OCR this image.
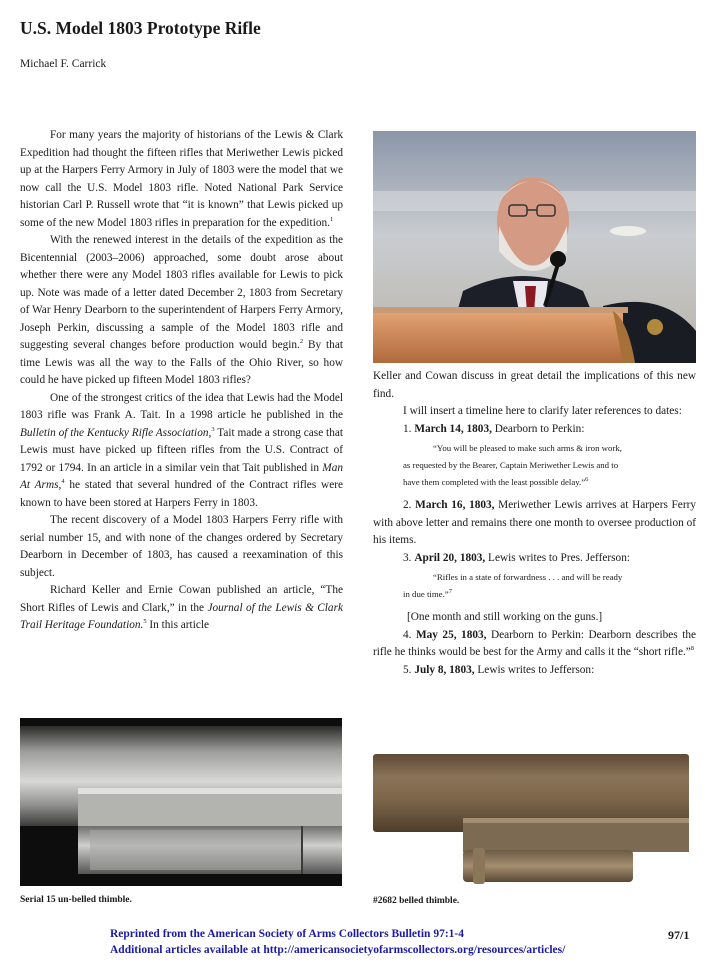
U.S. Model 1803 Prototype Rifle
Michael F. Carrick

For many years the majority of historians of the Lewis & Clark Expedition had thought the fifteen rifles that Meriwether Lewis picked up at the Harpers Ferry Armory in July of 1803 were the model that we now call the U.S. Model 1803 rifle. Noted National Park Service historian Carl P. Russell wrote that “it is known” that Lewis picked up some of the new Model 1803 rifles in preparation for the expedition.$^1$

With the renewed interest in the details of the expedition as the Bicentennial (2003–2006) approached, some doubt arose about whether there were any Model 1803 rifles available for Lewis to pick up. Note was made of a letter dated December 2, 1803 from Secretary of War Henry Dearborn to the superintendent of Harpers Ferry Armory, Joseph Perkin, discussing a sample of the Model 1803 rifle and suggesting several changes before production would begin.$^2$ By that time Lewis was all the way to the Falls of the Ohio River, so how could he have picked up fifteen Model 1803 rifles?

One of the strongest critics of the idea that Lewis had the Model 1803 rifle was Frank A. Tait. In a 1998 article he published in the Bulletin of the Kentucky Rifle Association,$^3$ Tait made a strong case that Lewis must have picked up fifteen rifles from the U.S. Contract of 1792 or 1794. In an article in a similar vein that Tait published in Man At Arms,$^4$ he stated that several hundred of the Contract rifles were known to have been stored at Harpers Ferry in 1803.

The recent discovery of a Model 1803 Harpers Ferry rifle with serial number 15, and with none of the changes ordered by Secretary Dearborn in December of 1803, has caused a reexamination of this subject.

Richard Keller and Ernie Cowan published an article, “The Short Rifles of Lewis and Clark,” in the Journal of the Lewis & Clark Trail Heritage Foundation.$^5$ In this article

Keller and Cowan discuss in great detail the implications of this new find.

I will insert a timeline here to clarify later references to dates:

1. March 14, 1803, Dearborn to Perkin:

“You will be pleased to make such arms & iron work,
as requested by the Bearer, Captain Meriwether Lewis and to
have them completed with the least possible delay.”$^6$

2. March 16, 1803, Meriwether Lewis arrives at Harpers Ferry with above letter and remains there one month to oversee production of his items.

3. April 20, 1803, Lewis writes to Pres. Jefferson:

“Rifles in a state of forwardness . . . and will be ready
in due time.”$^7$

[One month and still working on the guns.]

4. May 25, 1803, Dearborn to Perkin: Dearborn describes the rifle he thinks would be best for the Army and calls it the “short rifle.”$^8$

5. July 8, 1803, Lewis writes to Jefferson:

Serial 15 un-belled thimble.	#2682 belled thimble.
Reprinted from the American Society of Arms Collectors Bulletin 97:1-4
Additional articles available at http://americansocietyofarmscollectors.org/resources/articles/
97/1
